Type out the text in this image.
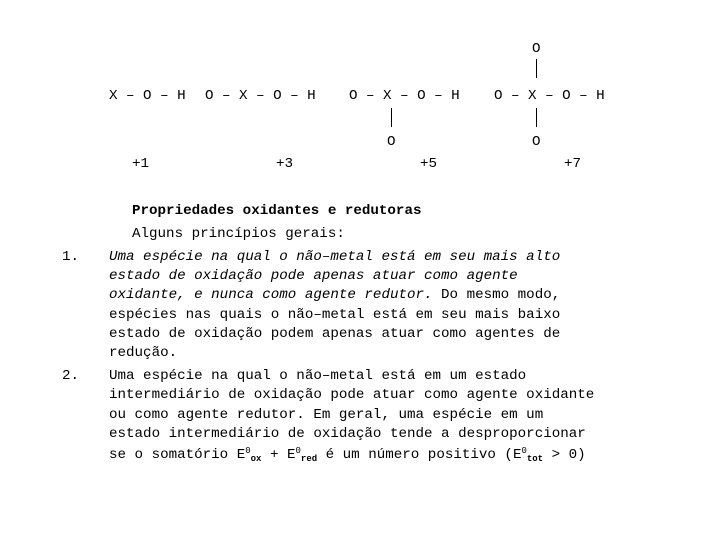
X – O – H
+1
O – X – O – H
+3
O – X – O – H
O
+5
O
O – X – O – H
O
+7
Propriedades oxidantes e redutoras
Alguns princípios gerais:
1. Uma espécie na qual o não–metal está em seu mais alto
estado de oxidação pode apenas atuar como agente
oxidante, e nunca como agente redutor. Do mesmo modo,
espécies nas quais o não–metal está em seu mais baixo
estado de oxidação podem apenas atuar como agentes de
redução.
2. Uma espécie na qual o não–metal está em um estado
intermediário de oxidação pode atuar como agente oxidante
ou como agente redutor. Em geral, uma espécie em um
estado intermediário de oxidação tende a desproporcionar
se o somatório $E^0_{ox} + E^0_{red}$ é um número positivo $(E^0_{tot} > 0)$
